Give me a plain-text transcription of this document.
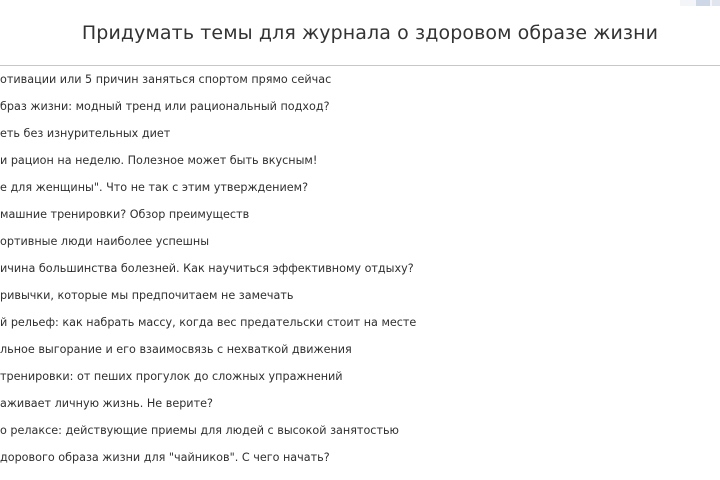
Придумать темы для журнала о здоровом образе жизни
отивации или 5 причин заняться спортом прямо сейчас
браз жизни: модный тренд или рациональный подход?
еть без изнурительных диет
и рацион на неделю. Полезное может быть вкусным!
е для женщины". Что не так с этим утверждением?
машние тренировки? Обзор преимуществ
ортивные люди наиболее успешны
ичина большинства болезней. Как научиться эффективному отдыху?
ривычки, которые мы предпочитаем не замечать
й рельеф: как набрать массу, когда вес предательски стоит на месте
льное выгорание и его взаимосвязь с нехваткой движения
тренировки: от пеших прогулок до сложных упражнений
аживает личную жизнь. Не верите?
о релаксе: действующие приемы для людей с высокой занятостью
дорового образа жизни для "чайников". С чего начать?
